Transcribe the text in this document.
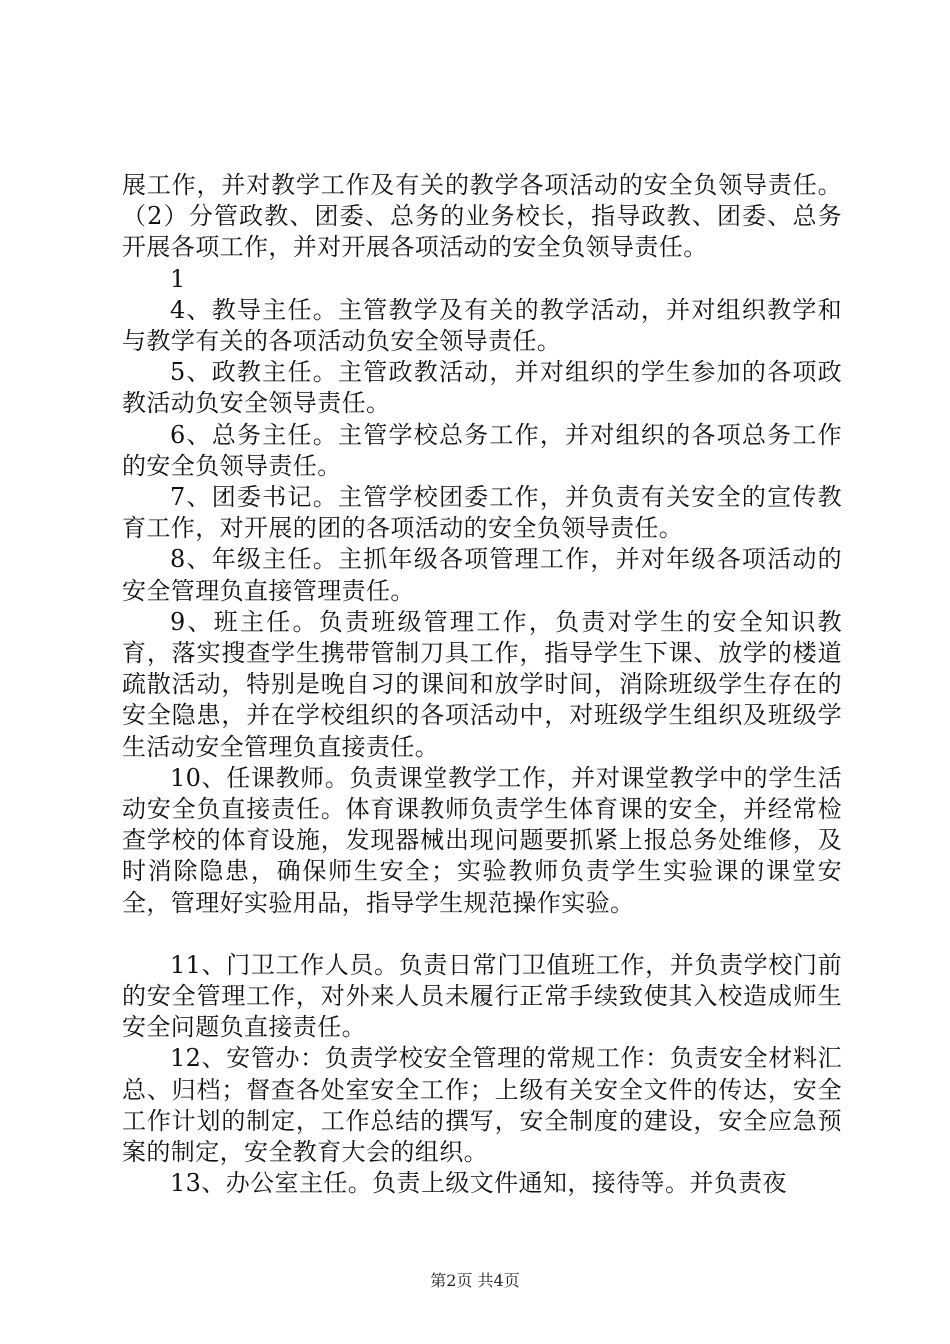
展工作，并对教学工作及有关的教学各项活动的安全负领导责任。（2）分管政教、团委、总务的业务校长，指导政教、团委、总务开展各项工作，并对开展各项活动的安全负领导责任。

1

4、教导主任。主管教学及有关的教学活动，并对组织教学和与教学有关的各项活动负安全领导责任。

5、政教主任。主管政教活动，并对组织的学生参加的各项政教活动负安全领导责任。

6、总务主任。主管学校总务工作，并对组织的各项总务工作的安全负领导责任。

7、团委书记。主管学校团委工作，并负责有关安全的宣传教育工作，对开展的团的各项活动的安全负领导责任。

8、年级主任。主抓年级各项管理工作，并对年级各项活动的安全管理负直接管理责任。

9、班主任。负责班级管理工作，负责对学生的安全知识教育，落实搜查学生携带管制刀具工作，指导学生下课、放学的楼道疏散活动，特别是晚自习的课间和放学时间，消除班级学生存在的安全隐患，并在学校组织的各项活动中，对班级学生组织及班级学生活动安全管理负直接责任。

10、任课教师。负责课堂教学工作，并对课堂教学中的学生活动安全负直接责任。体育课教师负责学生体育课的安全，并经常检查学校的体育设施，发现器械出现问题要抓紧上报总务处维修，及时消除隐患，确保师生安全；实验教师负责学生实验课的课堂安全，管理好实验用品，指导学生规范操作实验。

11、门卫工作人员。负责日常门卫值班工作，并负责学校门前的安全管理工作，对外来人员未履行正常手续致使其入校造成师生安全问题负直接责任。

12、安管办：负责学校安全管理的常规工作：负责安全材料汇总、归档；督查各处室安全工作；上级有关安全文件的传达，安全工作计划的制定，工作总结的撰写，安全制度的建设，安全应急预案的制定，安全教育大会的组织。

13、办公室主任。负责上级文件通知，接待等。并负责夜

第2页 共4页
